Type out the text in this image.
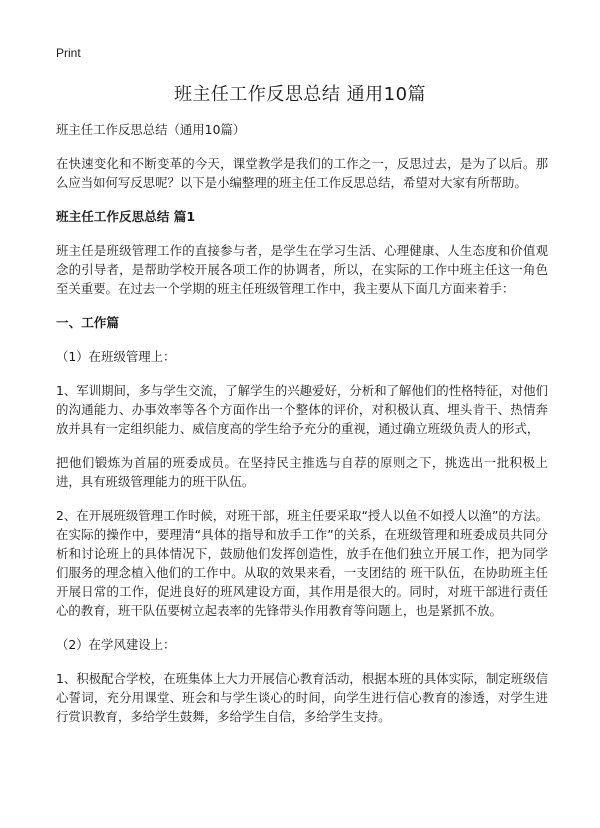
Print
班主任工作反思总结 通用10篇

班主任工作反思总结（通用10篇）

在快速变化和不断变革的今天，课堂教学是我们的工作之一，反思过去，是为了以后。那么应当如何写反思呢？以下是小编整理的班主任工作反思总结，希望对大家有所帮助。

班主任工作反思总结 篇1

班主任是班级管理工作的直接参与者，是学生在学习生活、心理健康、人生态度和价值观念的引导者，是帮助学校开展各项工作的协调者，所以，在实际的工作中班主任这一角色至关重要。在过去一个学期的班主任班级管理工作中，我主要从下面几方面来着手：

一、工作篇

（1）在班级管理上：

1、军训期间，多与学生交流，了解学生的兴趣爱好，分析和了解他们的性格特征，对他们的沟通能力、办事效率等各个方面作出一个整体的评价，对积极认真、埋头肯干、热情奔放并具有一定组织能力、威信度高的学生给予充分的重视，通过确立班级负责人的形式，

把他们锻炼为首届的班委成员。在坚持民主推选与自荐的原则之下，挑选出一批积极上进，具有班级管理能力的班干队伍。

2、在开展班级管理工作时候，对班干部，班主任要采取“授人以鱼不如授人以渔”的方法。在实际的操作中，要理清“具体的指导和放手工作”的关系，在班级管理和班委成员共同分析和讨论班上的具体情况下，鼓励他们发挥创造性，放手在他们独立开展工作，把为同学们服务的理念植入他们的工作中。从取的效果来看，一支团结的 班干队伍，在协助班主任开展日常的工作，促进良好的班风建设方面，其作用是很大的。同时，对班干部进行责任心的教育，班干队伍要树立起表率的先锋带头作用教育等问题上，也是紧抓不放。

（2）在学风建设上：

1、积极配合学校，在班集体上大力开展信心教育活动，根据本班的具体实际，制定班级信心誓词，充分用课堂、班会和与学生谈心的时间，向学生进行信心教育的渗透，对学生进行赏识教育，多给学生鼓舞，多给学生自信，多给学生支持。
